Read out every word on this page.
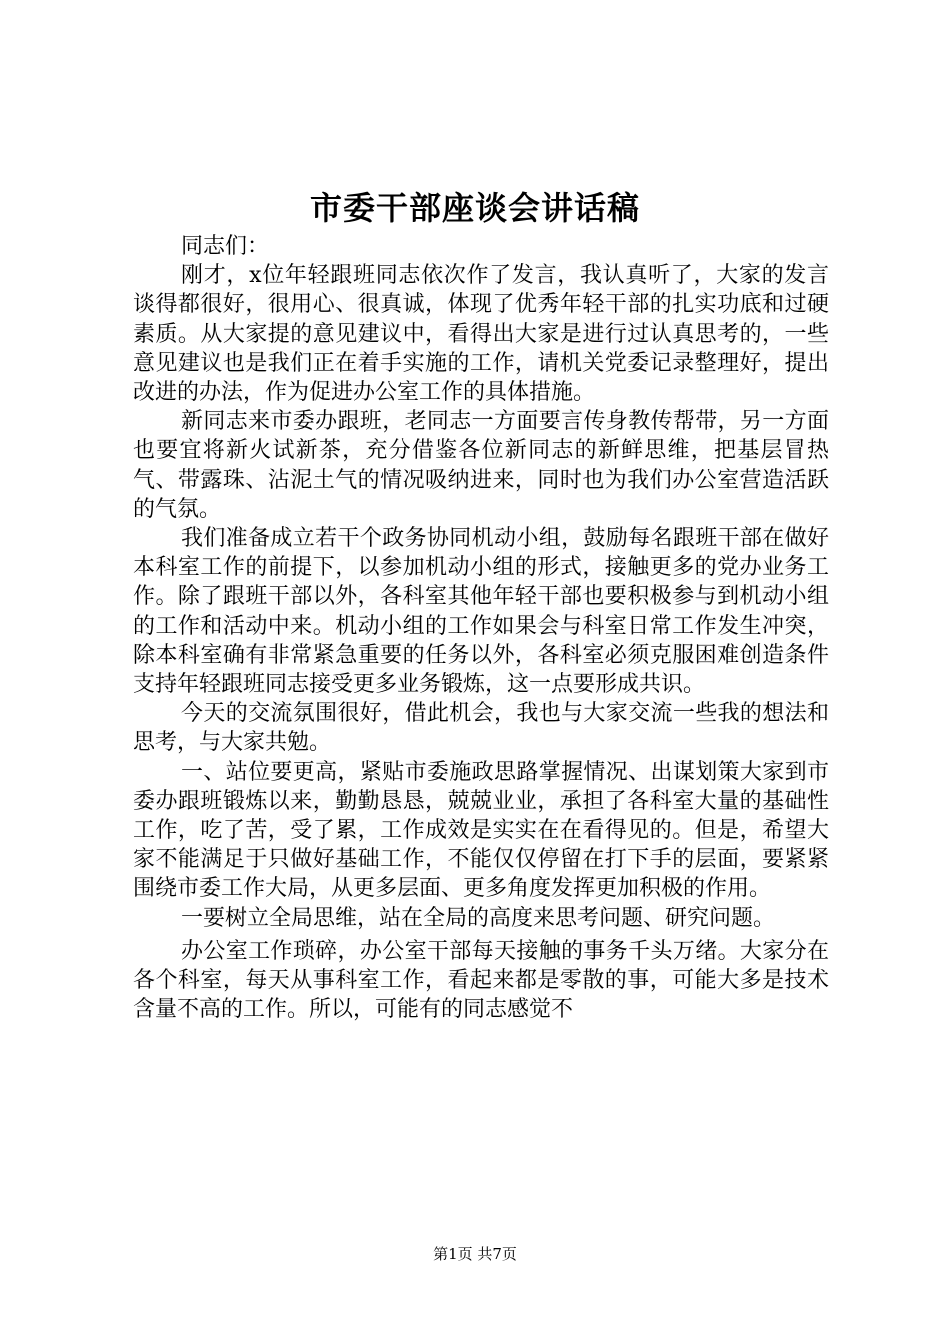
市委干部座谈会讲话稿

同志们：

刚才，x位年轻跟班同志依次作了发言，我认真听了，大家的发言谈得都很好，很用心、很真诚，体现了优秀年轻干部的扎实功底和过硬素质。从大家提的意见建议中，看得出大家是进行过认真思考的，一些意见建议也是我们正在着手实施的工作，请机关党委记录整理好，提出改进的办法，作为促进办公室工作的具体措施。

新同志来市委办跟班，老同志一方面要言传身教传帮带，另一方面也要宜将新火试新茶，充分借鉴各位新同志的新鲜思维，把基层冒热气、带露珠、沾泥土气的情况吸纳进来，同时也为我们办公室营造活跃的气氛。

我们准备成立若干个政务协同机动小组，鼓励每名跟班干部在做好本科室工作的前提下，以参加机动小组的形式，接触更多的党办业务工作。除了跟班干部以外，各科室其他年轻干部也要积极参与到机动小组的工作和活动中来。机动小组的工作如果会与科室日常工作发生冲突，除本科室确有非常紧急重要的任务以外，各科室必须克服困难创造条件支持年轻跟班同志接受更多业务锻炼，这一点要形成共识。

今天的交流氛围很好，借此机会，我也与大家交流一些我的想法和思考，与大家共勉。

一、站位要更高，紧贴市委施政思路掌握情况、出谋划策大家到市委办跟班锻炼以来，勤勤恳恳，兢兢业业，承担了各科室大量的基础性工作，吃了苦，受了累，工作成效是实实在在看得见的。但是，希望大家不能满足于只做好基础工作，不能仅仅停留在打下手的层面，要紧紧围绕市委工作大局，从更多层面、更多角度发挥更加积极的作用。

一要树立全局思维，站在全局的高度来思考问题、研究问题。

办公室工作琐碎，办公室干部每天接触的事务千头万绪。大家分在各个科室，每天从事科室工作，看起来都是零散的事，可能大多是技术含量不高的工作。所以，可能有的同志感觉不

第1页 共7页
